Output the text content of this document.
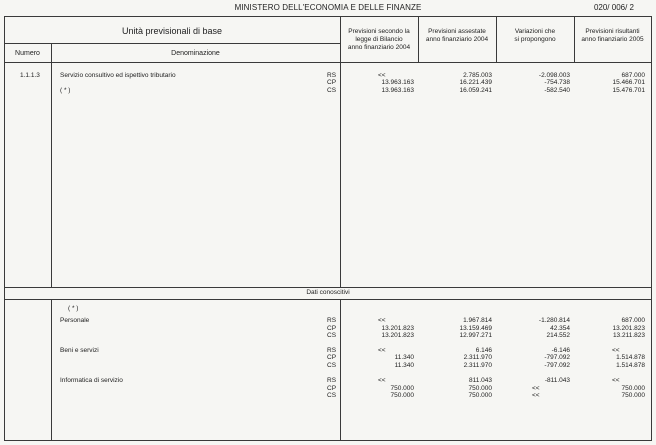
MINISTERO DELL'ECONOMIA E DELLE FINANZE	020/ 006/ 2
Unità previsionali di base
Numero	Denominazione
Previsioni secondo la
legge di Bilancio
anno finanziario 2004
Previsioni assestate
anno finanziario 2004
Variazioni che
si propongono
Previsioni risultanti
anno finanziario 2005
1.1.1.3	Servizio consultivo ed ispettivo tributario
( * )
RS	<<	2.785.003	-2.098.003	687.000
CP	13.963.163	16.221.439	-754.738	15.466.701
CS	13.963.163	16.059.241	-582.540	15.476.701
Dati conoscitivi
( * )
Personale	RS	<<	1.967.814	-1.280.814	687.000
CP	13.201.823	13.159.469	42.354	13.201.823
CS	13.201.823	12.997.271	214.552	13.211.823
Beni e servizi	RS	<<	6.146	-6.146	<<
CP	11.340	2.311.970	-797.092	1.514.878
CS	11.340	2.311.970	-797.092	1.514.878
Informatica di servizio	RS	<<	811.043	-811.043	<<
CP	750.000	750.000	<<	750.000
CS	750.000	750.000	<<	750.000
